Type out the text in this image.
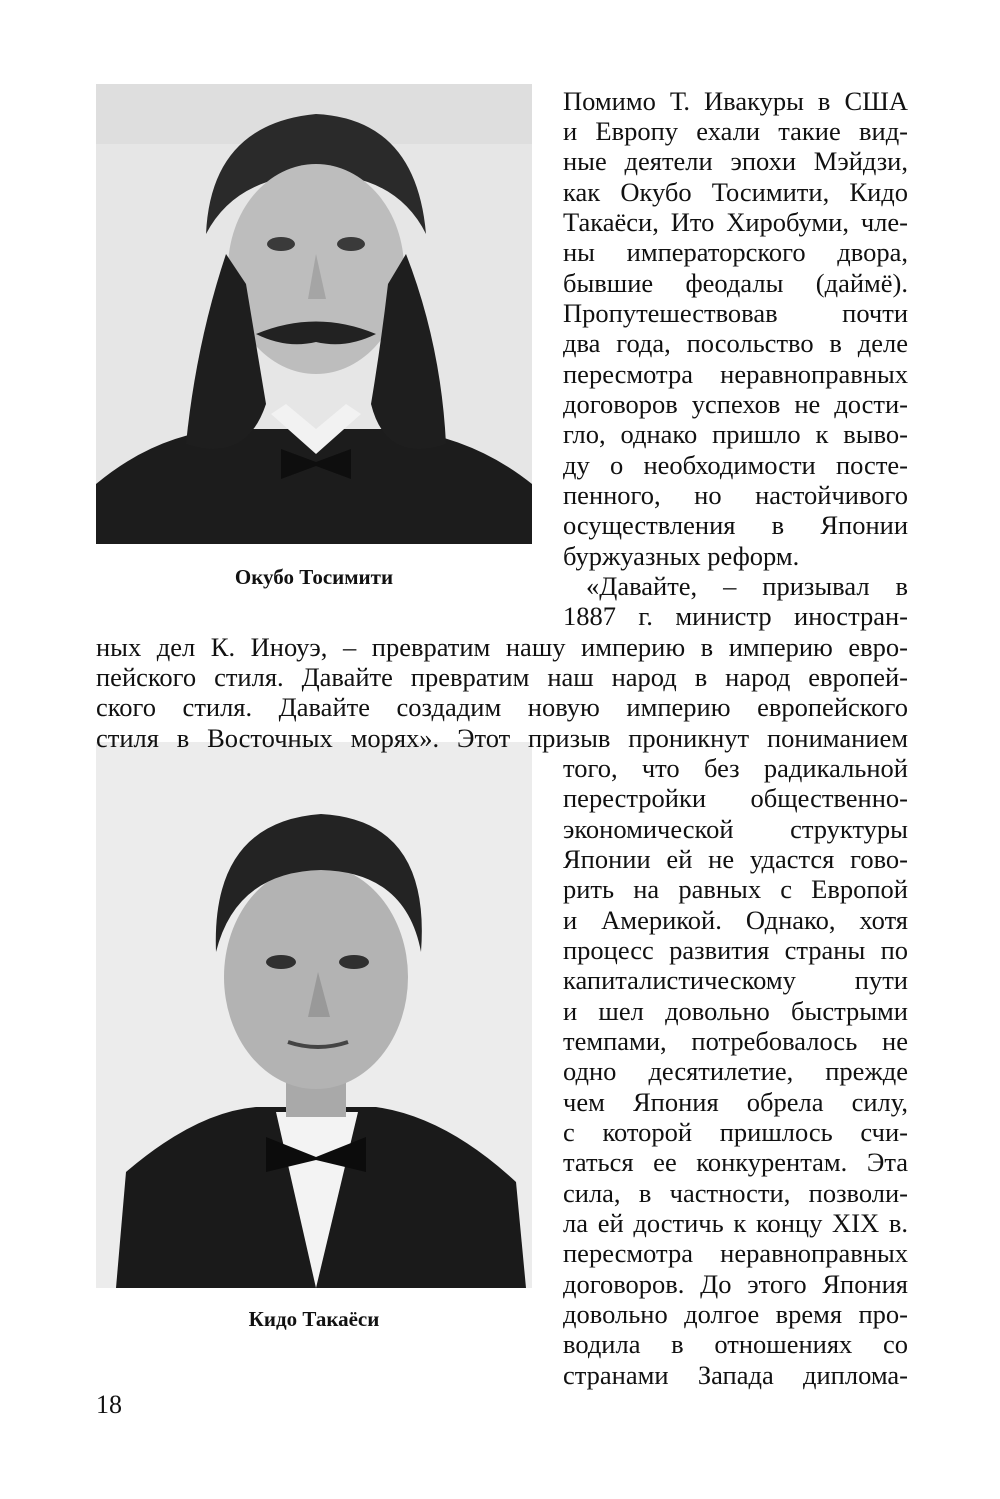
Окубо Тосимити
Кидо Такаёси
Помимо Т. Ивакуры в США
и Европу ехали такие вид-
ные деятели эпохи Мэйдзи,
как Окубо Тосимити, Кидо
Такаёси, Ито Хиробуми, чле-
ны императорского двора,
бывшие феодалы (даймё).
Пропутешествовав почти
два года, посольство в деле
пересмотра неравноправных
договоров успехов не дости-
гло, однако пришло к выво-
ду о необходимости посте-
пенного, но настойчивого
осуществления в Японии
буржуазных реформ.
«Давайте, – призывал в
1887 г. министр иностран-
ных дел К. Иноуэ, – превратим нашу империю в империю евро-
пейского стиля. Давайте превратим наш народ в народ европей-
ского стиля. Давайте создадим новую империю европейского
стиля в Восточных морях». Этот призыв проникнут пониманием
того, что без радикальной
перестройки общественно-
экономической структуры
Японии ей не удастся гово-
рить на равных с Европой
и Америкой. Однако, хотя
процесс развития страны по
капиталистическому пути
и шел довольно быстрыми
темпами, потребовалось не
одно десятилетие, прежде
чем Япония обрела силу,
с которой пришлось счи-
таться ее конкурентам. Эта
сила, в частности, позволи-
ла ей достичь к концу XIX в.
пересмотра неравноправных
договоров. До этого Япония
довольно долгое время про-
водила в отношениях со
странами Запада диплома-
18
